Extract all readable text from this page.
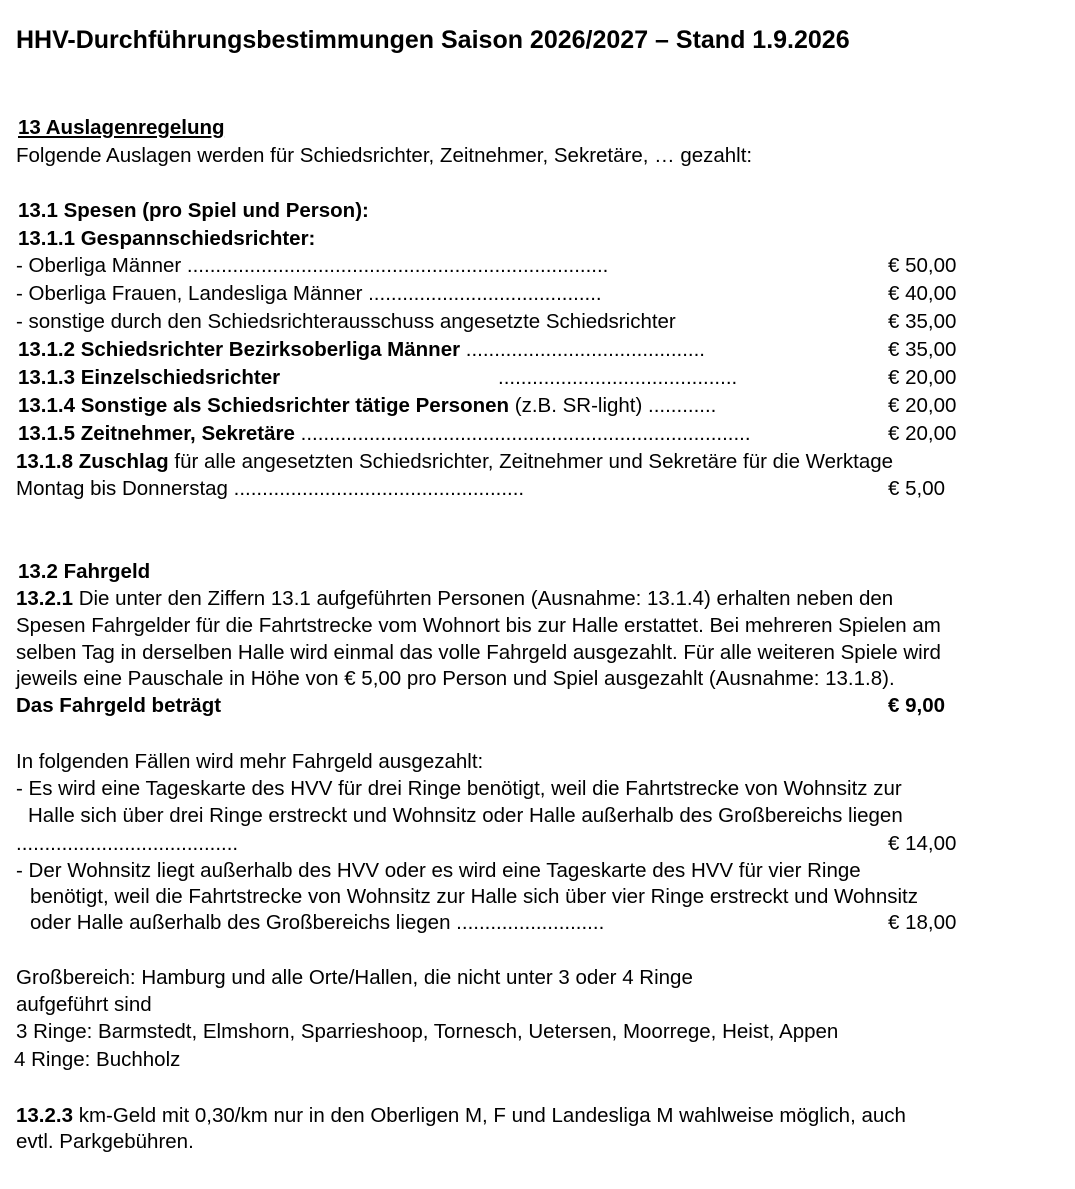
HHV-Durchführungsbestimmungen Saison 2026/2027 – Stand 1.9.2026
13 Auslagenregelung
Folgende Auslagen werden für Schiedsrichter, Zeitnehmer, Sekretäre, … gezahlt:
13.1 Spesen (pro Spiel und Person):
13.1.1 Gespannschiedsrichter:
- Oberliga Männer ..........................................................................	€ 50,00
- Oberliga Frauen, Landesliga Männer .........................................	€ 40,00
- sonstige durch den Schiedsrichterausschuss angesetzte Schiedsrichter	€ 35,00
13.1.2 Schiedsrichter Bezirksoberliga Männer ..........................................	€ 35,00
13.1.3 Einzelschiedsrichter	..........................................	€ 20,00
13.1.4 Sonstige als Schiedsrichter tätige Personen (z.B. SR-light) ............	€ 20,00
13.1.5 Zeitnehmer, Sekretäre ...............................................................................	€ 20,00
13.1.8 Zuschlag für alle angesetzten Schiedsrichter, Zeitnehmer und Sekretäre für die Werktage
Montag bis Donnerstag ...................................................	€ 5,00
13.2 Fahrgeld
13.2.1 Die unter den Ziffern 13.1 aufgeführten Personen (Ausnahme: 13.1.4) erhalten neben den
Spesen Fahrgelder für die Fahrtstrecke vom Wohnort bis zur Halle erstattet. Bei mehreren Spielen am
selben Tag in derselben Halle wird einmal das volle Fahrgeld ausgezahlt. Für alle weiteren Spiele wird
jeweils eine Pauschale in Höhe von € 5,00 pro Person und Spiel ausgezahlt (Ausnahme: 13.1.8).
Das Fahrgeld beträgt	€ 9,00
In folgenden Fällen wird mehr Fahrgeld ausgezahlt:
- Es wird eine Tageskarte des HVV für drei Ringe benötigt, weil die Fahrtstrecke von Wohnsitz zur
Halle sich über drei Ringe erstreckt und Wohnsitz oder Halle außerhalb des Großbereichs liegen
.......................................	€ 14,00
- Der Wohnsitz liegt außerhalb des HVV oder es wird eine Tageskarte des HVV für vier Ringe
benötigt, weil die Fahrtstrecke von Wohnsitz zur Halle sich über vier Ringe erstreckt und Wohnsitz
oder Halle außerhalb des Großbereichs liegen ..........................	€ 18,00
Großbereich: Hamburg und alle Orte/Hallen, die nicht unter 3 oder 4 Ringe
aufgeführt sind
3 Ringe: Barmstedt, Elmshorn, Sparrieshoop, Tornesch, Uetersen, Moorrege, Heist, Appen
4 Ringe: Buchholz
13.2.3 km-Geld mit 0,30/km nur in den Oberligen M, F und Landesliga M wahlweise möglich, auch
evtl. Parkgebühren.
